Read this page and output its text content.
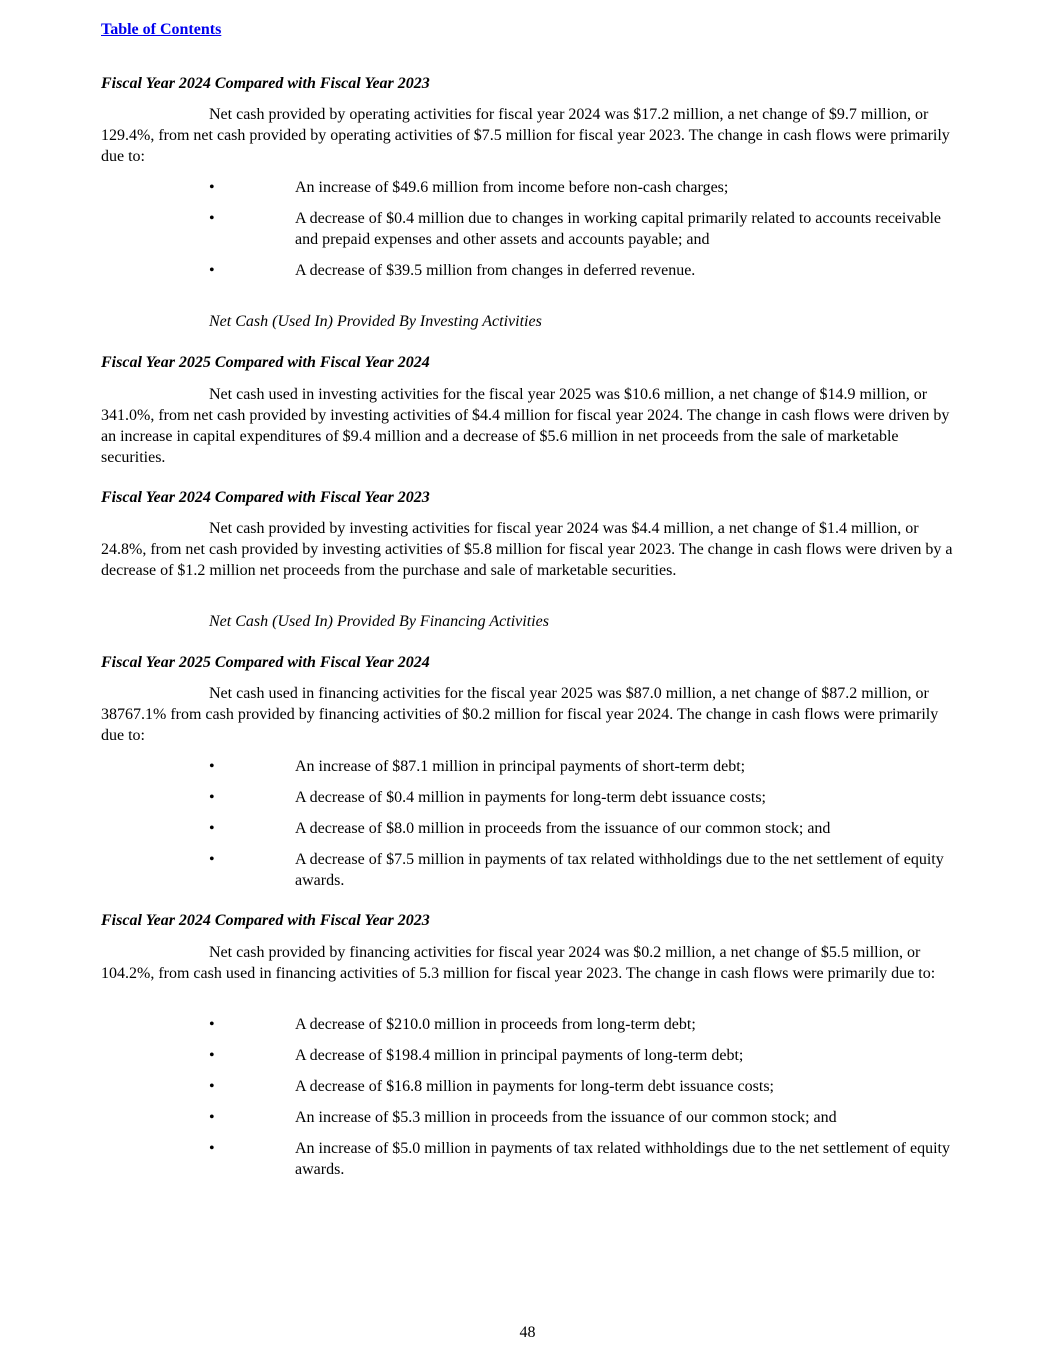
Table of Contents
Fiscal Year 2024 Compared with Fiscal Year 2023
Net cash provided by operating activities for fiscal year 2024 was $17.2 million, a net change of $9.7 million, or 129.4%, from net cash provided by operating activities of $7.5 million for fiscal year 2023. The change in cash flows were primarily due to:
•	An increase of $49.6 million from income before non-cash charges;
•	A decrease of $0.4 million due to changes in working capital primarily related to accounts receivable and prepaid expenses and other assets and accounts payable; and
•	A decrease of $39.5 million from changes in deferred revenue.
Net Cash (Used In) Provided By Investing Activities
Fiscal Year 2025 Compared with Fiscal Year 2024
Net cash used in investing activities for the fiscal year 2025 was $10.6 million, a net change of $14.9 million, or 341.0%, from net cash provided by investing activities of $4.4 million for fiscal year 2024. The change in cash flows were driven by an increase in capital expenditures of $9.4 million and a decrease of $5.6 million in net proceeds from the sale of marketable securities.
Fiscal Year 2024 Compared with Fiscal Year 2023
Net cash provided by investing activities for fiscal year 2024 was $4.4 million, a net change of $1.4 million, or 24.8%, from net cash provided by investing activities of $5.8 million for fiscal year 2023. The change in cash flows were driven by a decrease of $1.2 million net proceeds from the purchase and sale of marketable securities.
Net Cash (Used In) Provided By Financing Activities
Fiscal Year 2025 Compared with Fiscal Year 2024
Net cash used in financing activities for the fiscal year 2025 was $87.0 million, a net change of $87.2 million, or 38767.1% from cash provided by financing activities of $0.2 million for fiscal year 2024. The change in cash flows were primarily due to:
•	An increase of $87.1 million in principal payments of short-term debt;
•	A decrease of $0.4 million in payments for long-term debt issuance costs;
•	A decrease of $8.0 million in proceeds from the issuance of our common stock; and
•	A decrease of $7.5 million in payments of tax related withholdings due to the net settlement of equity awards.
Fiscal Year 2024 Compared with Fiscal Year 2023
Net cash provided by financing activities for fiscal year 2024 was $0.2 million, a net change of $5.5 million, or 104.2%, from cash used in financing activities of 5.3 million for fiscal year 2023. The change in cash flows were primarily due to:
•	A decrease of $210.0 million in proceeds from long-term debt;
•	A decrease of $198.4 million in principal payments of long-term debt;
•	A decrease of $16.8 million in payments for long-term debt issuance costs;
•	An increase of $5.3 million in proceeds from the issuance of our common stock; and
•	An increase of $5.0 million in payments of tax related withholdings due to the net settlement of equity awards.
48
